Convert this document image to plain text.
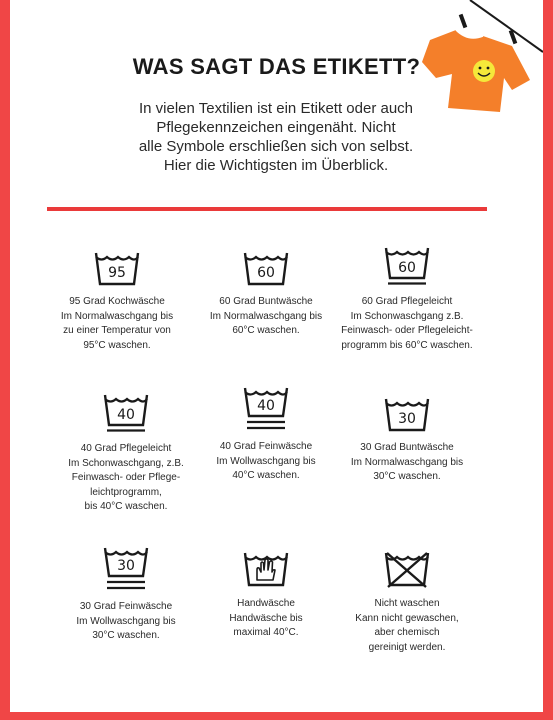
WAS SAGT DAS ETIKETT?
In vielen Textilien ist ein Etikett oder auch
Pflegekennzeichen eingenäht. Nicht
alle Symbole erschließen sich von selbst.
Hier die Wichtigsten im Überblick.
95
95 Grad Kochwäsche
Im Normalwaschgang bis
zu einer Temperatur von
95°C waschen.
60
60 Grad Buntwäsche
Im Normalwaschgang bis
60°C waschen.
60
60 Grad Pflegeleicht
Im Schonwaschgang z.B.
Feinwasch- oder Pflegeleicht-
programm bis 60°C waschen.
40
40 Grad Pflegeleicht
Im Schonwaschgang, z.B.
Feinwasch- oder Pflege-
leichtprogramm,
bis 40°C waschen.
40
40 Grad Feinwäsche
Im Wollwaschgang bis
40°C waschen.
30
30 Grad Buntwäsche
Im Normalwaschgang bis
30°C waschen.
30
30 Grad Feinwäsche
Im Wollwaschgang bis
30°C waschen.
Handwäsche
Handwäsche bis
maximal 40°C.
Nicht waschen
Kann nicht gewaschen,
aber chemisch
gereinigt werden.
